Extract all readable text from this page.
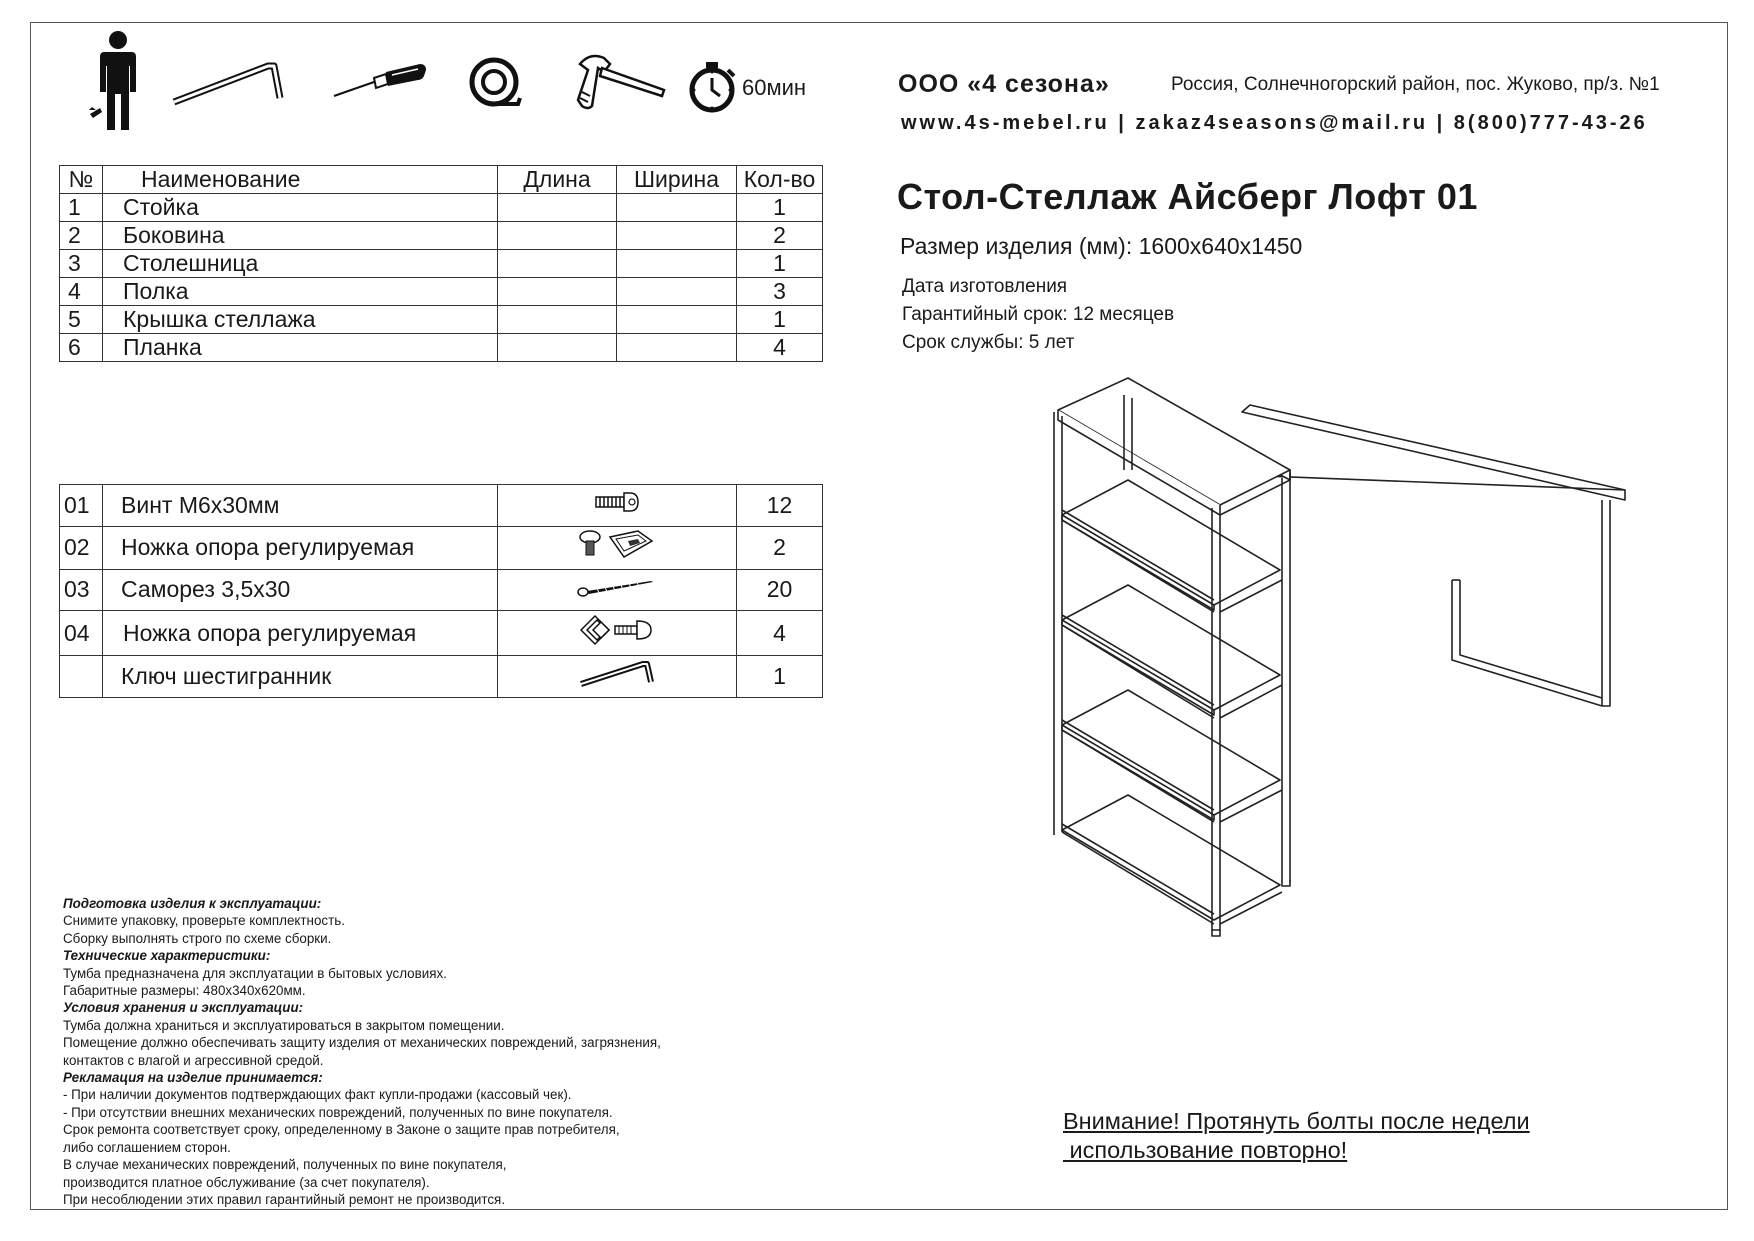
60мин	ООО «4 сезона»	Россия, Солнечногорский район, пос. Жуково, пр/з. №1
www.4s-mebel.ru | zakaz4seasons@mail.ru | 8(800)777-43-26
Стол-Стеллаж Айсберг Лофт 01
Размер изделия (мм): 1600x640x1450
Дата изготовления
Гарантийный срок: 12 месяцев
Срок службы: 5 лет
№	Наименование	Длина	Ширина	Кол-во
1	Стойка			1
2	Боковина			2
3	Столешница			1
4	Полка			3
5	Крышка стеллажа			1
6	Планка			4
01	Винт М6х30мм		12
02	Ножка опора регулируемая		2
03	Саморез 3,5х30		20
04	Ножка опора регулируемая		4
	Ключ шестигранник		1
Подготовка изделия к эксплуатации:
Снимите упаковку, проверьте комплектность.
Сборку выполнять строго по схеме сборки.
Технические характеристики:
Тумба предназначена для эксплуатации в бытовых условиях.
Габаритные размеры: 480х340х620мм.
Условия хранения и эксплуатации:
Тумба должна храниться и эксплуатироваться в закрытом помещении.
Помещение должно обеспечивать защиту изделия от механических повреждений, загрязнения,
контактов с влагой и агрессивной средой.
Рекламация на изделие принимается:
- При наличии документов подтверждающих факт купли-продажи (кассовый чек).
- При отсутствии внешних механических повреждений, полученных по вине покупателя.
Срок ремонта соответствует сроку, определенному в Законе о защите прав потребителя,
либо соглашением сторон.
В случае механических повреждений, полученных по вине покупателя,
производится платное обслуживание (за счет покупателя).
При несоблюдении этих правил гарантийный ремонт не производится.
Внимание! Протянуть болты после недели
использование повторно!
